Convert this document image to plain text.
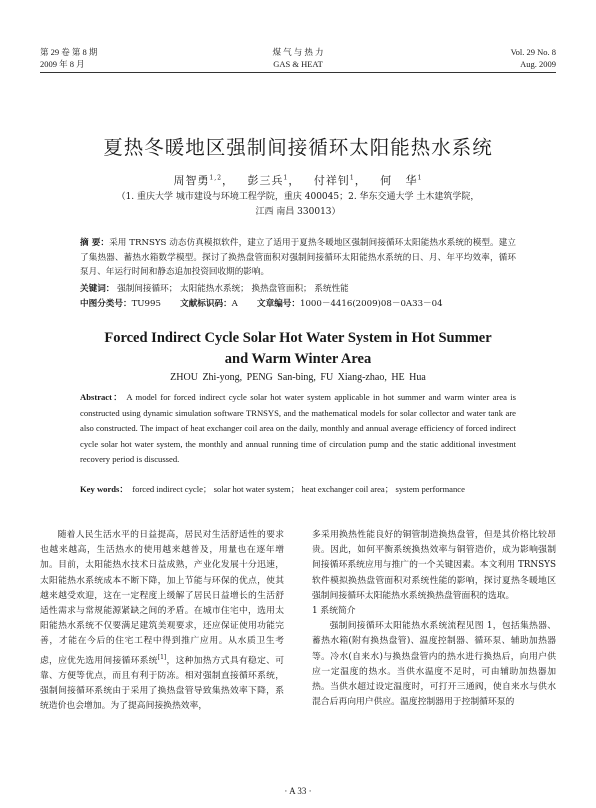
第 29 卷 第 8 期
2009 年 8 月
煤 气 与 热 力
GAS & HEAT
Vol. 29 No. 8
Aug. 2009
夏热冬暖地区强制间接循环太阳能热水系统
周智勇$^{1,2}$，   彭三兵$^1$，   付祥钊$^1$，   何   华$^1$
（1. 重庆大学 城市建设与环境工程学院，重庆 400045；2. 华东交通大学 土木建筑学院，
江西 南昌 330013）
摘 要：采用 TRNSYS 动态仿真模拟软件，建立了适用于夏热冬暖地区强制间接循环太阳能热水系统的模型。建立了集热器、蓄热水箱数学模型。探讨了换热盘管面积对强制间接循环太阳能热水系统的日、月、年平均效率，循环泵月、年运行时间和静态追加投资回收期的影响。
关键词： 强制间接循环； 太阳能热水系统； 换热盘管面积； 系统性能
中图分类号：TU995 文献标识码：A 文章编号：1000－4416(2009)08－0A33－04
Forced Indirect Cycle Solar Hot Water System in Hot Summer
and Warm Winter Area
ZHOU Zhi-yong, PENG San-bing, FU Xiang-zhao, HE Hua
Abstract： A model for forced indirect cycle solar hot water system applicable in hot summer and warm winter area is constructed using dynamic simulation software TRNSYS, and the mathematical models for solar collector and water tank are also constructed. The impact of heat exchanger coil area on the daily, monthly and annual average efficiency of forced indirect cycle solar hot water system, the monthly and annual running time of circulation pump and the static additional investment recovery period is discussed.
Key words： forced indirect cycle； solar hot water system； heat exchanger coil area； system performance

随着人民生活水平的日益提高，居民对生活舒适性的要求也越来越高，生活热水的使用越来越普及，用量也在逐年增加。目前，太阳能热水技术日益成熟，产业化发展十分迅速，太阳能热水系统成本不断下降，加上节能与环保的优点，使其越来越受欢迎，这在一定程度上缓解了居民日益增长的生活舒适性需求与常规能源紧缺之间的矛盾。在城市住宅中，选用太阳能热水系统不仅要满足建筑美观要求，还应保证使用功能完善，才能在今后的住宅工程中得到推广应用。从水质卫生考虑，应优先选用间接循环系统[1]，这种加热方式具有稳定、可靠、方便等优点，而且有利于防冻。相对强制直接循环系统，强制间接循环系统由于采用了换热盘管导致集热效率下降，系统造价也会增加。为了提高间接换热效率，

多采用换热性能良好的铜管制造换热盘管，但是其价格比较昂贵。因此，如何平衡系统换热效率与铜管造价，成为影响强制间接循环系统应用与推广的一个关键因素。本文利用 TRNSYS 软件模拟换热盘管面积对系统性能的影响，探讨夏热冬暖地区强制间接循环太阳能热水系统换热盘管面积的选取。

1 系统简介

强制间接循环太阳能热水系统流程见图 1，包括集热器、蓄热水箱(附有换热盘管)、温度控制器、循环泵、辅助加热器等。冷水(自来水)与换热盘管内的热水进行换热后，向用户供应一定温度的热水。当供水温度不足时，可由辅助加热器加热。当供水超过设定温度时，可打开三通阀，使自来水与供水混合后再向用户供应。温度控制器用于控制循环泵的

· A 33 ·
